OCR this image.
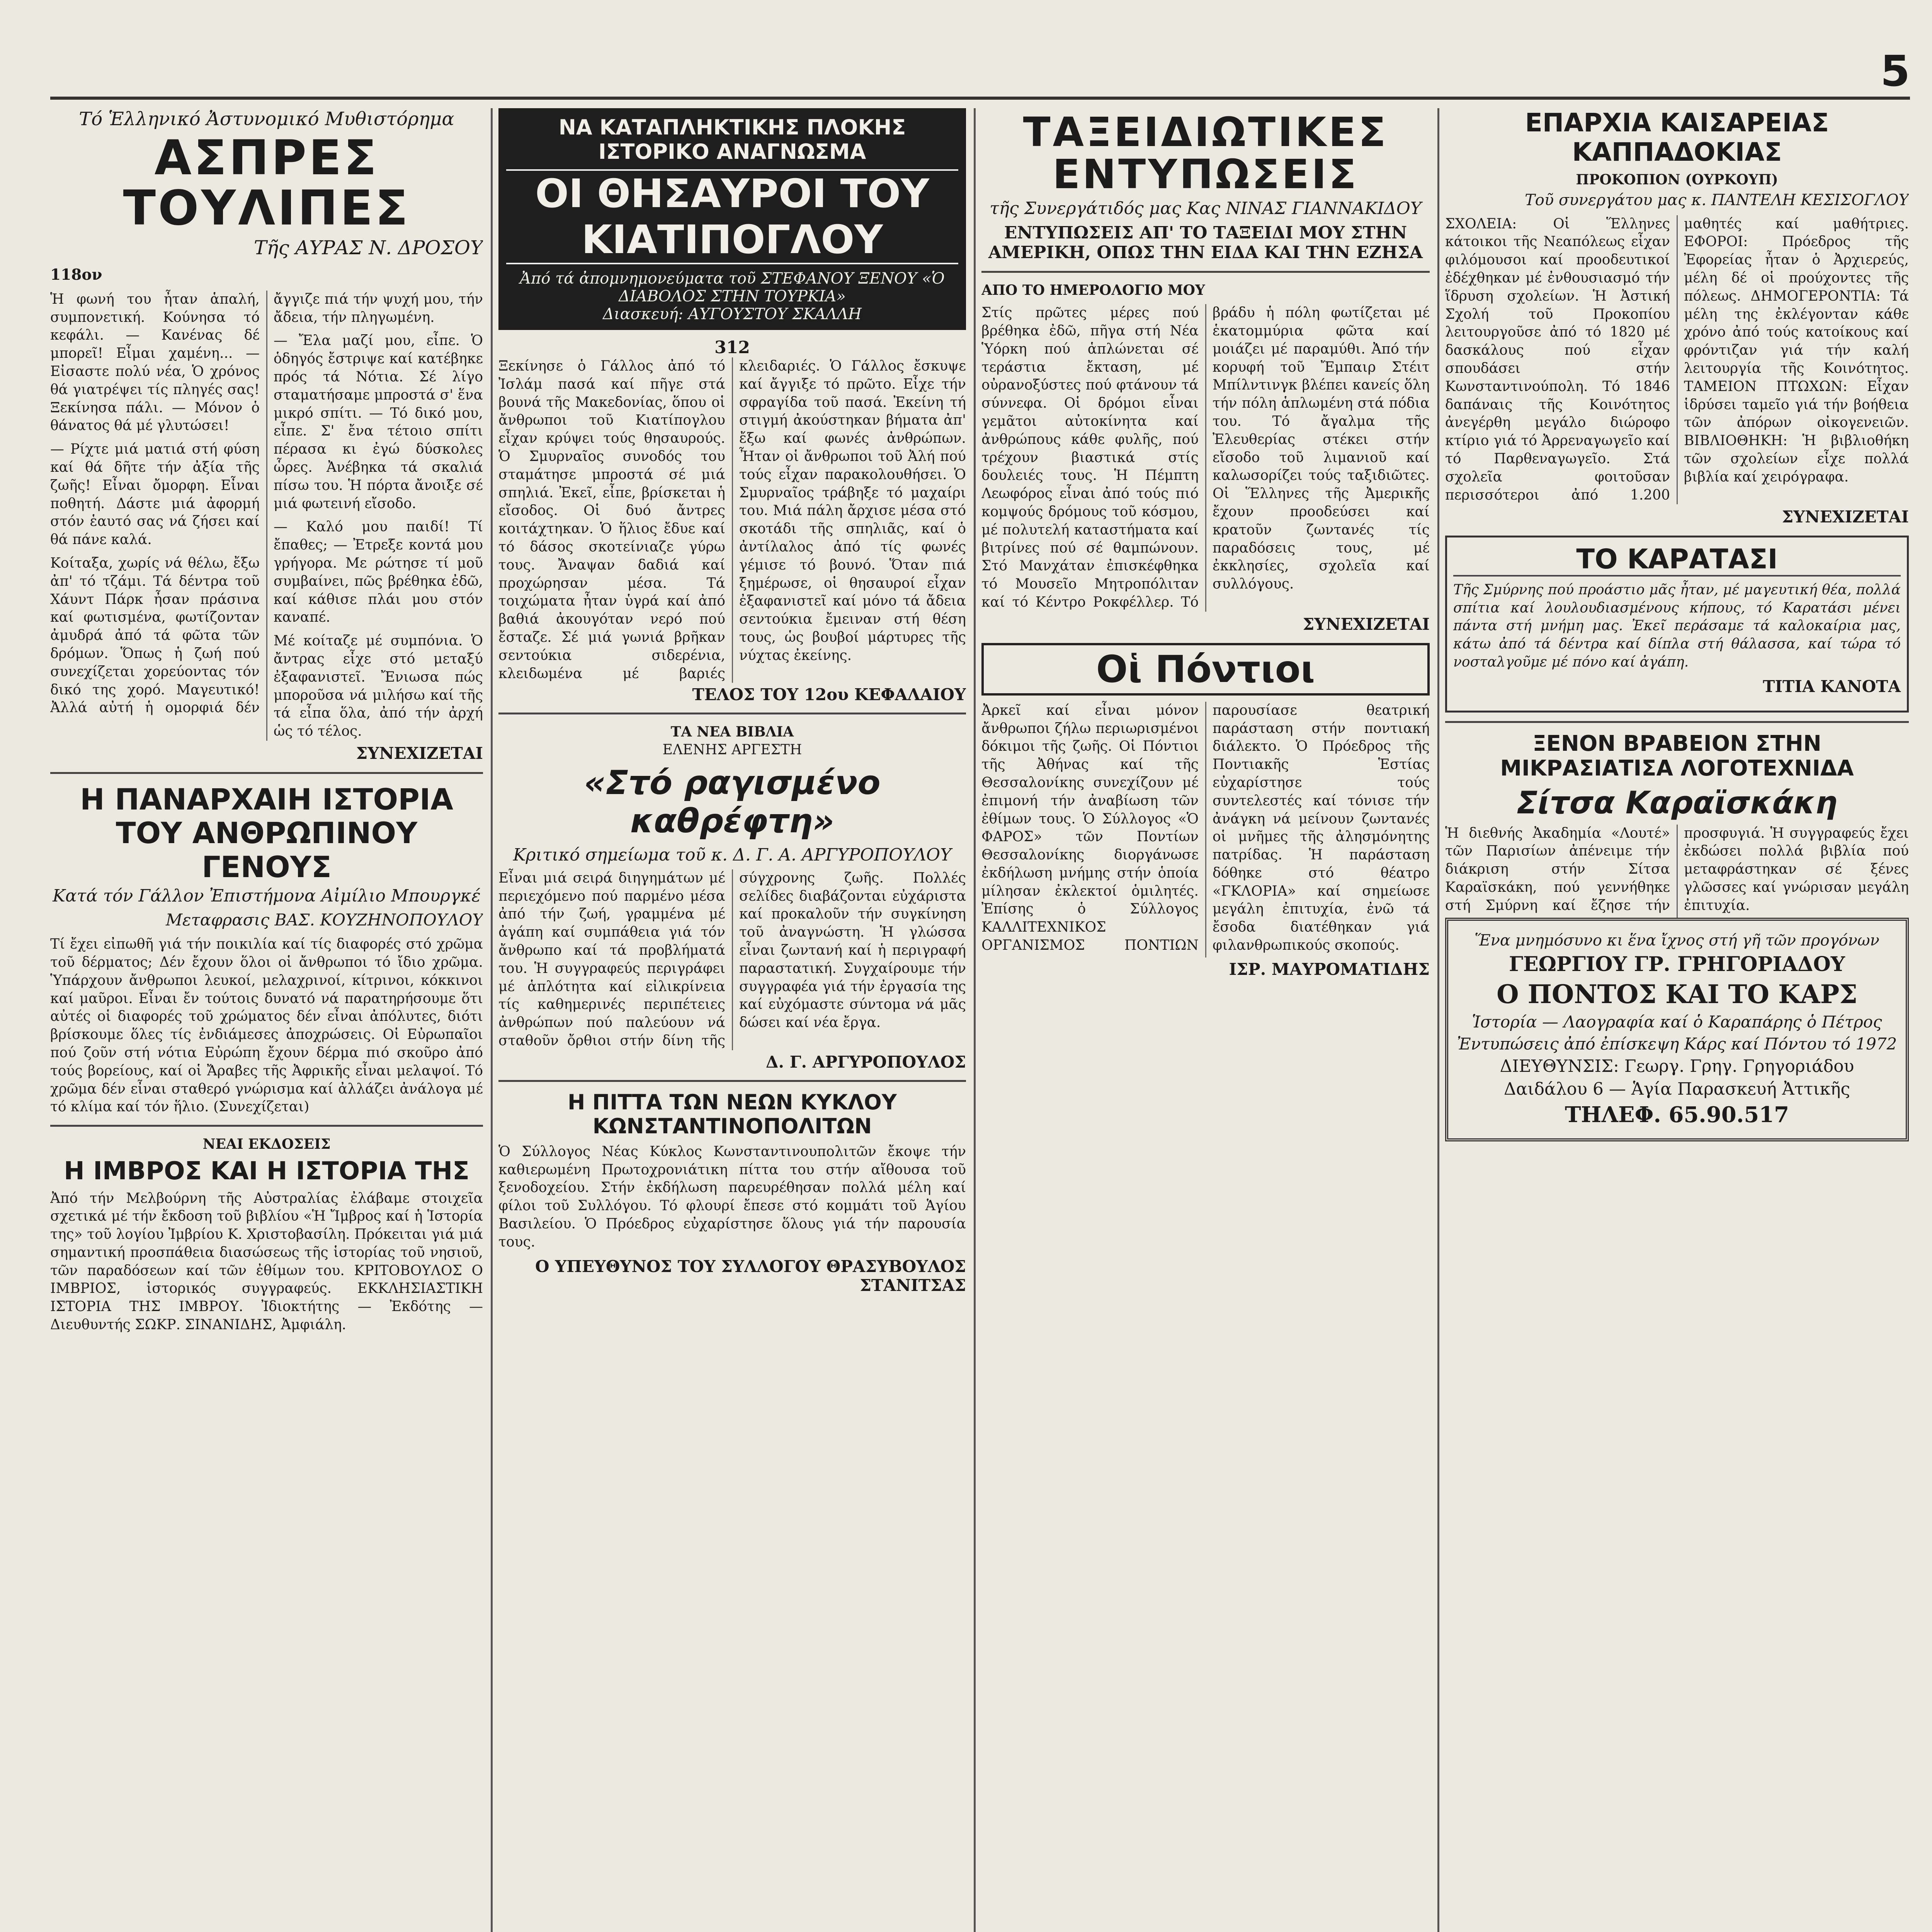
5
Τό Ἑλληνικό Ἀστυνομικό Μυθιστόρημα
ΑΣΠΡΕΣ ΤΟΥΛΙΠΕΣ
Τῆς ΑΥΡΑΣ Ν. ΔΡΟΣΟΥ
118ον

Ἡ φωνή του ἦταν ἁπαλή, συμπονετική. Κούνησα τό κεφάλι. — Κανένας δέ μπορεῖ! Εἶμαι χαμένη... — Εἰσαστε πολύ νέα, Ὁ χρόνος θά γιατρέψει τίς πληγές σας! Ξεκίνησα πάλι. — Μόνον ὁ θάνατος θά μέ γλυτώσει!

— Ρίχτε μιά ματιά στή φύση καί θά δῆτε τήν ἀξία τῆς ζωῆς! Εἶναι ὄμορφη. Εἶναι ποθητή. Δάστε μιά ἀφορμή στόν ἑαυτό σας νά ζήσει καί θά πάνε καλά.

Κοίταξα, χωρίς νά θέλω, ἔξω ἀπ' τό τζάμι. Τά δέντρα τοῦ Χάυντ Πάρκ ἦσαν πράσινα καί φωτισμένα, φωτίζονταν ἀμυδρά ἀπό τά φῶτα τῶν δρόμων. Ὅπως ἡ ζωή πού συνεχίζεται χορεύοντας τόν δικό της χορό. Μαγευτικό! Ἀλλά αὐτή ἡ ομορφιά δέν ἄγγιζε πιά τήν ψυχή μου, τήν ἄδεια, τήν πληγωμένη.

— Ἔλα μαζί μου, εἶπε. Ὁ ὁδηγός ἔστριψε καί κατέβηκε πρός τά Νότια. Σέ λίγο σταματήσαμε μπροστά σ' ἕνα μικρό σπίτι. — Τό δικό μου, εἶπε. Σ' ἔνα τέτοιο σπίτι πέρασα κι ἐγώ δύσκολες ὧρες. Ἀνέβηκα τά σκαλιά πίσω του. Ἡ πόρτα ἄνοιξε σέ μιά φωτεινή εἴσοδο.

— Καλό μου παιδί! Τί ἔπαθες; — Ἐτρεξε κοντά μου γρήγορα. Με ρώτησε τί μοῦ συμβαίνει, πῶς βρέθηκα ἐδῶ, καί κάθισε πλάι μου στόν καναπέ.

Μέ κοίταζε μέ συμπόνια. Ὁ ἄντρας εἶχε στό μεταξύ ἐξαφανιστεῖ. Ἔνιωσα πώς μποροῦσα νά μιλήσω καί τῆς τά εἶπα ὅλα, ἀπό τήν ἀρχή ὡς τό τέλος.

ΣΥΝΕΧΙΖΕΤΑΙ
Η ΠΑΝΑΡΧΑΙΗ ΙΣΤΟΡΙΑ ΤΟΥ ΑΝΘΡΩΠΙΝΟΥ ΓΕΝΟΥΣ
Κατά τόν Γάλλον Ἐπιστήμονα Αἰμίλιο Μπουργκέ
Μεταφρασις ΒΑΣ. ΚΟΥΖΗΝΟΠΟΥΛΟΥ

Τί ἔχει εἰπωθῆ γιά τήν ποικιλία καί τίς διαφορές στό χρῶμα τοῦ δέρματος; Δέν ἔχουν ὅλοι οἱ ἄνθρωποι τό ἴδιο χρῶμα. Ὑπάρχουν ἄνθρωποι λευκοί, μελαχρινοί, κίτρινοι, κόκκινοι καί μαῦροι. Εἶναι ἔν τούτοις δυνατό νά παρατηρήσουμε ὅτι αὐτές οἱ διαφορές τοῦ χρώματος δέν εἶναι ἀπόλυτες, διότι βρίσκουμε ὅλες τίς ἐνδιάμεσες ἀποχρώσεις. Οἱ Εὐρωπαῖοι πού ζοῦν στή νότια Εὐρώπη ἔχουν δέρμα πιό σκοῦρο ἀπό τούς βορείους, καί οἱ Ἄραβες τῆς Ἀφρικῆς εἶναι μελαψοί. Τό χρῶμα δέν εἶναι σταθερό γνώρισμα καί ἀλλάζει ἀνάλογα μέ τό κλίμα καί τόν ἥλιο. (Συνεχίζεται)

ΝΕΑΙ ΕΚΔΟΣΕΙΣ
Η ΙΜΒΡΟΣ ΚΑΙ Η ΙΣΤΟΡΙΑ ΤΗΣ

Ἀπό τήν Μελβούρνη τῆς Αὐστραλίας ἐλάβαμε στοιχεῖα σχετικά μέ τήν ἔκδοση τοῦ βιβλίου «Ἡ Ἴμβρος καί ἡ Ἱστορία της» τοῦ λογίου Ἰμβρίου Κ. Χριστοβασίλη. Πρόκειται γιά μιά σημαντική προσπάθεια διασώσεως τῆς ἱστορίας τοῦ νησιοῦ, τῶν παραδόσεων καί τῶν ἐθίμων του. ΚΡΙΤΟΒΟΥΛΟΣ Ο ΙΜΒΡΙΟΣ, ἱστορικός συγγραφεύς. ΕΚΚΛΗΣΙΑΣΤΙΚΗ ΙΣΤΟΡΙΑ ΤΗΣ ΙΜΒΡΟΥ. Ἰδιοκτήτης — Ἐκδότης — Διευθυντής ΣΩΚΡ. ΣΙΝΑΝΙΔΗΣ, Ἀμφιάλη.

ΝΑ ΚΑΤΑΠΛΗΚΤΙΚΗΣ ΠΛΟΚΗΣ ΙΣΤΟΡΙΚΟ ΑΝΑΓΝΩΣΜΑ
ΟΙ ΘΗΣΑΥΡΟΙ ΤΟΥ ΚΙΑΤΙΠΟΓΛΟΥ
Ἀπό τά ἀπομνημονεύματα τοῦ ΣΤΕΦΑΝΟΥ ΞΕΝΟΥ «Ὁ ΔΙΑΒΟΛΟΣ ΣΤΗΝ ΤΟΥΡΚΙΑ»
Διασκευή: ΑΥΓΟΥΣΤΟΥ ΣΚΑΛΛΗ
312

Ξεκίνησε ὁ Γάλλος ἀπό τό Ἰσλάμ πασά καί πῆγε στά βουνά τῆς Μακεδονίας, ὅπου οἱ ἄνθρωποι τοῦ Κιατίπογλου εἶχαν κρύψει τούς θησαυρούς. Ὁ Σμυρναῖος συνοδός του σταμάτησε μπροστά σέ μιά σπηλιά. Ἐκεῖ, εἶπε, βρίσκεται ἡ εἴσοδος. Οἱ δυό ἄντρες κοιτάχτηκαν. Ὁ ἥλιος ἔδυε καί τό δάσος σκοτείνιαζε γύρω τους. Ἄναψαν δαδιά καί προχώρησαν μέσα. Τά τοιχώματα ἦταν ὑγρά καί ἀπό βαθιά ἀκουγόταν νερό πού ἔσταζε. Σέ μιά γωνιά βρῆκαν σεντούκια σιδερένια, κλειδωμένα μέ βαριές κλειδαριές. Ὁ Γάλλος ἔσκυψε καί ἄγγιξε τό πρῶτο. Εἶχε τήν σφραγίδα τοῦ πασά. Ἐκείνη τή στιγμή ἀκούστηκαν βήματα ἀπ' ἔξω καί φωνές ἀνθρώπων. Ἦταν οἱ ἄνθρωποι τοῦ Ἀλή πού τούς εἶχαν παρακολουθήσει. Ὁ Σμυρναῖος τράβηξε τό μαχαίρι του. Μιά πάλη ἄρχισε μέσα στό σκοτάδι τῆς σπηλιᾶς, καί ὁ ἀντίλαλος ἀπό τίς φωνές γέμισε τό βουνό. Ὅταν πιά ξημέρωσε, οἱ θησαυροί εἶχαν ἐξαφανιστεῖ καί μόνο τά ἄδεια σεντούκια ἔμειναν στή θέση τους, ὡς βουβοί μάρτυρες τῆς νύχτας ἐκείνης.

ΤΕΛΟΣ ΤΟΥ 12ου ΚΕΦΑΛΑΙΟΥ
ΤΑ ΝΕΑ ΒΙΒΛΙΑ
ΕΛΕΝΗΣ ΑΡΓΕΣΤΗ
«Στό ραγισμένο καθρέφτη»
Κριτικό σημείωμα τοῦ κ. Δ. Γ. Α. ΑΡΓΥΡΟΠΟΥΛΟΥ

Εἶναι μιά σειρά διηγημάτων μέ περιεχόμενο πού παρμένο μέσα ἀπό τήν ζωή, γραμμένα μέ ἀγάπη καί συμπάθεια γιά τόν ἄνθρωπο καί τά προβλήματά του. Ἡ συγγραφεύς περιγράφει μέ ἁπλότητα καί εἰλικρίνεια τίς καθημερινές περιπέτειες ἀνθρώπων πού παλεύουν νά σταθοῦν ὄρθιοι στήν δίνη τῆς σύγχρονης ζωῆς. Πολλές σελίδες διαβάζονται εὐχάριστα καί προκαλοῦν τήν συγκίνηση τοῦ ἀναγνώστη. Ἡ γλώσσα εἶναι ζωντανή καί ἡ περιγραφή παραστατική. Συγχαίρουμε τήν συγγραφέα γιά τήν ἐργασία της καί εὐχόμαστε σύντομα νά μᾶς δώσει καί νέα ἔργα.

Δ. Γ. ΑΡΓΥΡΟΠΟΥΛΟΣ
Η ΠΙΤΤΑ ΤΩΝ ΝΕΩΝ ΚΥΚΛΟΥ ΚΩΝΣΤΑΝΤΙΝΟΠΟΛΙΤΩΝ

Ὁ Σύλλογος Νέας Κύκλος Κωνσταντινουπολιτῶν ἔκοψε τήν καθιερωμένη Πρωτοχρονιάτικη πίττα του στήν αἴθουσα τοῦ ξενοδοχείου. Στήν ἐκδήλωση παρευρέθησαν πολλά μέλη καί φίλοι τοῦ Συλλόγου. Τό φλουρί ἔπεσε στό κομμάτι τοῦ Ἁγίου Βασιλείου. Ὁ Πρόεδρος εὐχαρίστησε ὅλους γιά τήν παρουσία τους.

Ο ΥΠΕΥΘΥΝΟΣ ΤΟΥ ΣΥΛΛΟΓΟΥ ΘΡΑΣΥΒΟΥΛΟΣ ΣΤΑΝΙΤΣΑΣ
ΤΑΞΕΙΔΙΩΤΙΚΕΣ ΕΝΤΥΠΩΣΕΙΣ
τῆς Συνεργάτιδός μας Κας ΝΙΝΑΣ ΓΙΑΝΝΑΚΙΔΟΥ
ΕΝΤΥΠΩΣΕΙΣ ΑΠ' ΤΟ ΤΑΞΕΙΔΙ ΜΟΥ ΣΤΗΝ ΑΜΕΡΙΚΗ, ΟΠΩΣ ΤΗΝ ΕΙΔΑ ΚΑΙ ΤΗΝ ΕΖΗΣΑ
ΑΠΟ ΤΟ ΗΜΕΡΟΛΟΓΙΟ ΜΟΥ

Στίς πρῶτες μέρες πού βρέθηκα ἐδῶ, πῆγα στή Νέα Ὑόρκη πού ἁπλώνεται σέ τεράστια ἔκταση, μέ οὐρανοξύστες πού φτάνουν τά σύννεφα. Οἱ δρόμοι εἶναι γεμᾶτοι αὐτοκίνητα καί ἀνθρώπους κάθε φυλῆς, πού τρέχουν βιαστικά στίς δουλειές τους. Ἡ Πέμπτη Λεωφόρος εἶναι ἀπό τούς πιό κομψούς δρόμους τοῦ κόσμου, μέ πολυτελή καταστήματα καί βιτρίνες πού σέ θαμπώνουν. Στό Μανχάταν ἐπισκέφθηκα τό Μουσεῖο Μητροπόλιταν καί τό Κέντρο Ροκφέλλερ. Τό βράδυ ἡ πόλη φωτίζεται μέ ἑκατομμύρια φῶτα καί μοιάζει μέ παραμύθι. Ἀπό τήν κορυφή τοῦ Ἔμπαιρ Στέιτ Μπίλντινγκ βλέπει κανείς ὅλη τήν πόλη ἁπλωμένη στά πόδια του. Τό ἄγαλμα τῆς Ἐλευθερίας στέκει στήν εἴσοδο τοῦ λιμανιοῦ καί καλωσορίζει τούς ταξιδιῶτες. Οἱ Ἕλληνες τῆς Ἀμερικῆς ἔχουν προοδεύσει καί κρατοῦν ζωντανές τίς παραδόσεις τους, μέ ἐκκλησίες, σχολεῖα καί συλλόγους.

ΣΥΝΕΧΙΖΕΤΑΙ
Οἱ Πόντιοι

Ἀρκεῖ καί εἶναι μόνον ἄνθρωποι ζήλω περιωρισμένοι δόκιμοι τῆς ζωῆς. Οἱ Πόντιοι τῆς Ἀθήνας καί τῆς Θεσσαλονίκης συνεχίζουν μέ ἐπιμονή τήν ἀναβίωση τῶν ἐθίμων τους. Ὁ Σύλλογος «Ὁ ΦΑΡΟΣ» τῶν Ποντίων Θεσσαλονίκης διοργάνωσε ἐκδήλωση μνήμης στήν ὁποία μίλησαν ἐκλεκτοί ὁμιλητές. Ἐπίσης ὁ Σύλλογος ΚΑΛΛΙΤΕΧΝΙΚΟΣ ΟΡΓΑΝΙΣΜΟΣ ΠΟΝΤΙΩΝ παρουσίασε θεατρική παράσταση στήν ποντιακή διάλεκτο. Ὁ Πρόεδρος τῆς Ποντιακῆς Ἑστίας εὐχαρίστησε τούς συντελεστές καί τόνισε τήν ἀνάγκη νά μείνουν ζωντανές οἱ μνῆμες τῆς ἀλησμόνητης πατρίδας. Ἡ παράσταση δόθηκε στό θέατρο «ΓΚΛΟΡΙΑ» καί σημείωσε μεγάλη ἐπιτυχία, ἐνῶ τά ἔσοδα διατέθηκαν γιά φιλανθρωπικούς σκοπούς.

ΙΣΡ. ΜΑΥΡΟΜΑΤΙΔΗΣ
ΕΠΑΡΧΙΑ ΚΑΙΣΑΡΕΙΑΣ ΚΑΠΠΑΔΟΚΙΑΣ
ΠΡΟΚΟΠΙΟΝ (ΟΥΡΚΟΥΠ)
Τοῦ συνεργάτου μας κ. ΠΑΝΤΕΛΗ ΚΕΣΙΣΟΓΛΟΥ

ΣΧΟΛΕΙΑ: Οἱ Ἕλληνες κάτοικοι τῆς Νεαπόλεως εἶχαν φιλόμουσοι καί προοδευτικοί ἐδέχθηκαν μέ ἐνθουσιασμό τήν ἵδρυση σχολείων. Ἡ Ἀστική Σχολή τοῦ Προκοπίου λειτουργοῦσε ἀπό τό 1820 μέ δασκάλους πού εἶχαν σπουδάσει στήν Κωνσταντινούπολη. Τό 1846 δαπάναις τῆς Κοινότητος ἀνεγέρθη μεγάλο διώροφο κτίριο γιά τό Ἀρρεναγωγεῖο καί τό Παρθεναγωγεῖο. Στά σχολεῖα φοιτοῦσαν περισσότεροι ἀπό 1.200 μαθητές καί μαθήτριες. ΕΦΟΡΟΙ: Πρόεδρος τῆς Ἐφορείας ἦταν ὁ Ἀρχιερεύς, μέλη δέ οἱ προύχοντες τῆς πόλεως. ΔΗΜΟΓΕΡΟΝΤΙΑ: Τά μέλη της ἐκλέγονταν κάθε χρόνο ἀπό τούς κατοίκους καί φρόντιζαν γιά τήν καλή λειτουργία τῆς Κοινότητος. ΤΑΜΕΙΟΝ ΠΤΩΧΩΝ: Εἶχαν ἱδρύσει ταμεῖο γιά τήν βοήθεια τῶν ἀπόρων οἰκογενειῶν. ΒΙΒΛΙΟΘΗΚΗ: Ἡ βιβλιοθήκη τῶν σχολείων εἶχε πολλά βιβλία καί χειρόγραφα.

ΣΥΝΕΧΙΖΕΤΑΙ
ΤΟ ΚΑΡΑΤΑΣΙ

Τῆς Σμύρνης πού προάστιο μᾶς ἦταν, μέ μαγευτική θέα, πολλά σπίτια καί λουλουδιασμένους κήπους, τό Καρατάσι μένει πάντα στή μνήμη μας. Ἐκεῖ περάσαμε τά καλοκαίρια μας, κάτω ἀπό τά δέντρα καί δίπλα στή θάλασσα, καί τώρα τό νοσταλγοῦμε μέ πόνο καί ἀγάπη.

ΤΙΤΙΑ ΚΑΝΟΤΑ
ΞΕΝΟΝ ΒΡΑΒΕΙΟΝ ΣΤΗΝ ΜΙΚΡΑΣΙΑΤΙΣΑ ΛΟΓΟΤΕΧΝΙΔΑ
Σίτσα Καραϊσκάκη

Ἡ διεθνής Ἀκαδημία «Λουτέ» τῶν Παρισίων ἀπένειμε τήν διάκριση στήν Σίτσα Καραϊσκάκη, πού γεννήθηκε στή Σμύρνη καί ἔζησε τήν προσφυγιά. Ἡ συγγραφεύς ἔχει ἐκδώσει πολλά βιβλία πού μεταφράστηκαν σέ ξένες γλῶσσες καί γνώρισαν μεγάλη ἐπιτυχία.

Ἕνα μνημόσυνο κι ἕνα ἴχνος στή γῆ τῶν προγόνων
ΓΕΩΡΓΙΟΥ ΓΡ. ΓΡΗΓΟΡΙΑΔΟΥ
Ο ΠΟΝΤΟΣ ΚΑΙ ΤΟ ΚΑΡΣ
Ἱστορία — Λαογραφία καί ὁ Καραπάρης ὁ Πέτρος
Ἐντυπώσεις ἀπό ἐπίσκεψη Κάρς καί Πόντου τό 1972
ΔΙΕΥΘΥΝΣΙΣ: Γεωργ. Γρηγ. Γρηγοριάδου
Δαιδάλου 6 — Ἁγία Παρασκευή Ἀττικῆς
ΤΗΛΕΦ. 65.90.517
